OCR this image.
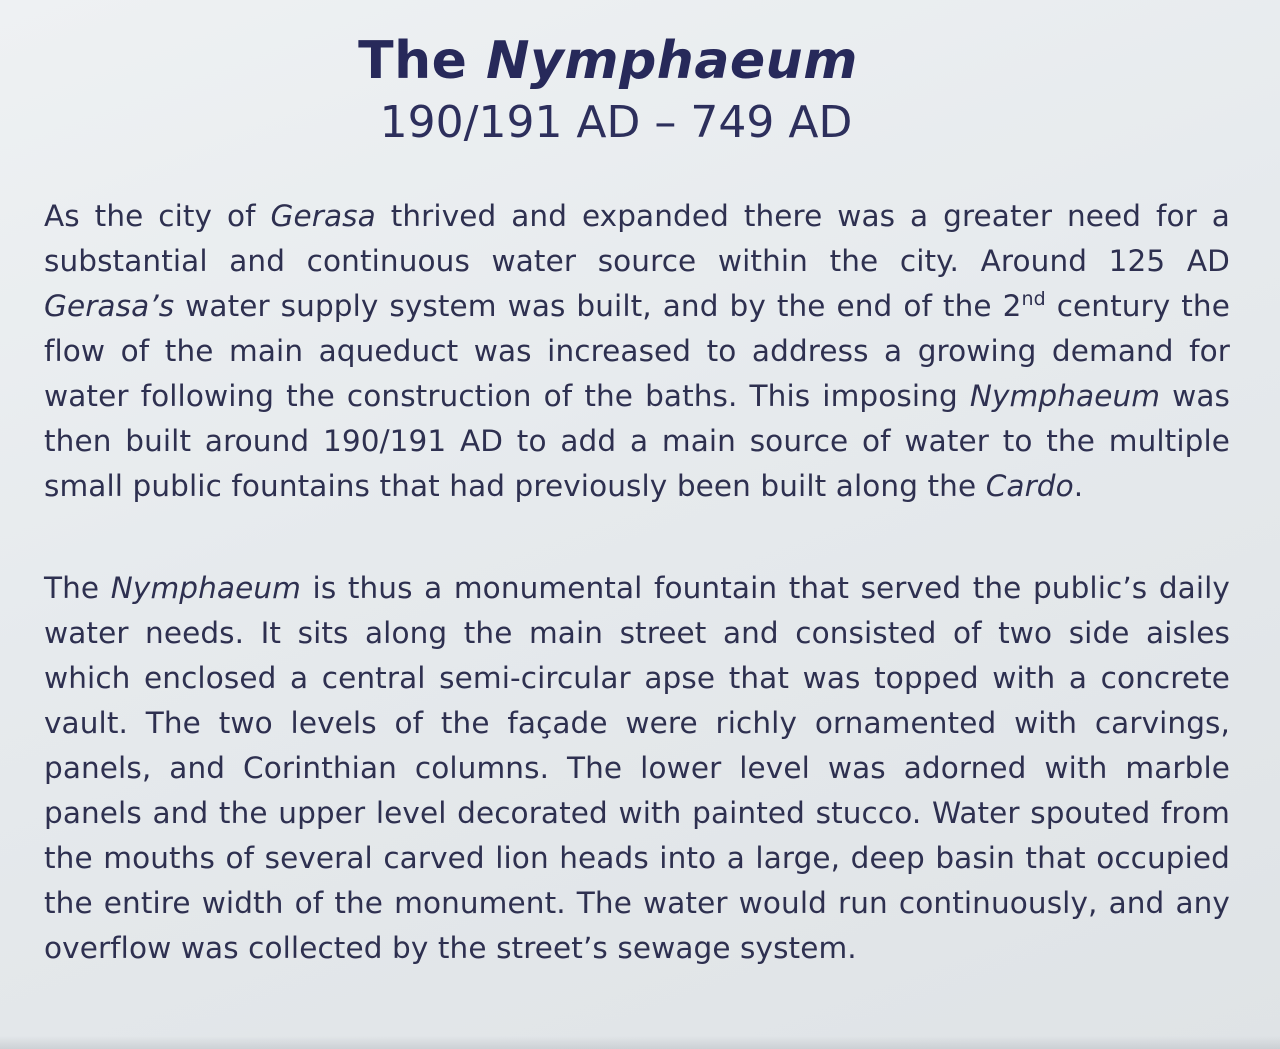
The Nymphaeum
190/191 AD – 749 AD

As the city of Gerasa thrived and expanded there was a greater need for a substantial and continuous water source within the city. Around 125 AD Gerasa’s water supply system was built, and by the end of the 2nd century the flow of the main aqueduct was increased to address a growing demand for water following the construction of the baths. This imposing Nymphaeum was then built around 190/191 AD to add a main source of water to the multiple small public fountains that had previously been built along the Cardo.

The Nymphaeum is thus a monumental fountain that served the public’s daily water needs. It sits along the main street and consisted of two side aisles which enclosed a central semi-circular apse that was topped with a concrete vault. The two levels of the façade were richly ornamented with carvings, panels, and Corinthian columns. The lower level was adorned with marble panels and the upper level decorated with painted stucco. Water spouted from the mouths of several carved lion heads into a large, deep basin that occupied the entire width of the monument. The water would run continuously, and any overflow was collected by the street’s sewage system.
